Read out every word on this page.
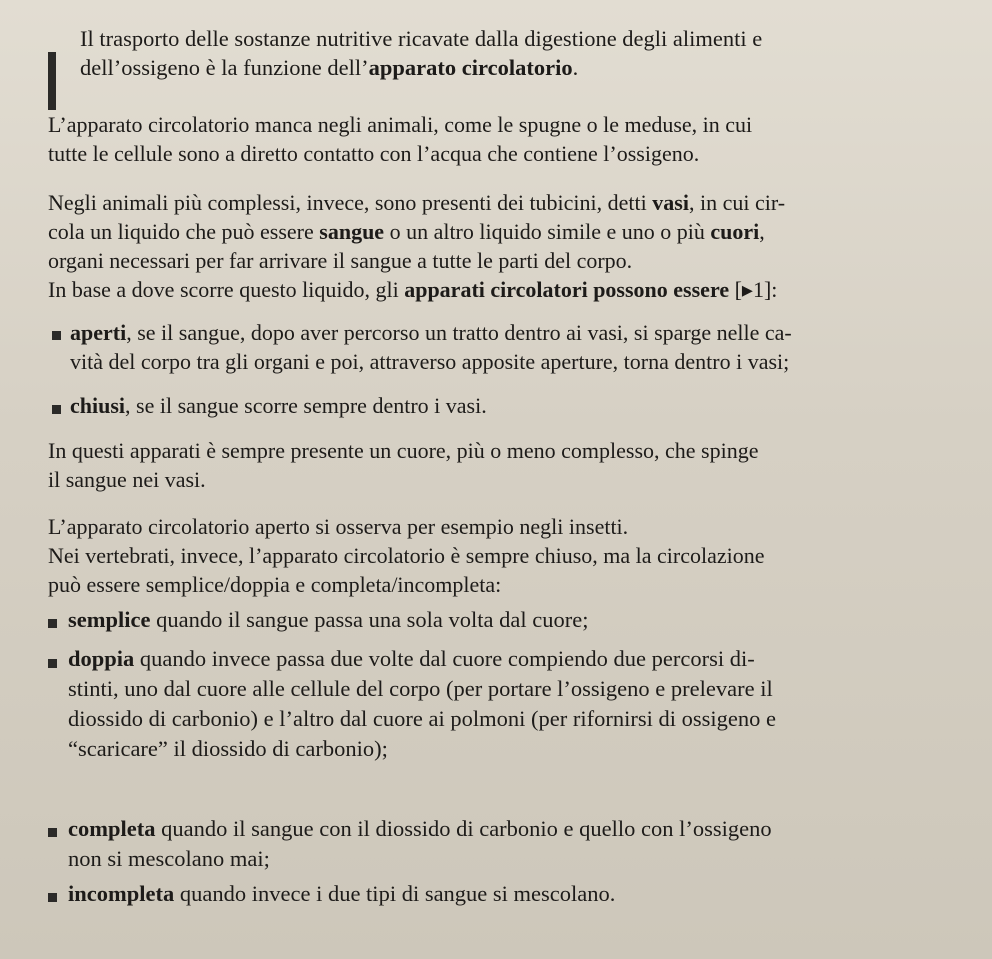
Il trasporto delle sostanze nutritive ricavate dalla digestione degli alimenti e
dell’ossigeno è la funzione dell’apparato circolatorio.

L’apparato circolatorio manca negli animali, come le spugne o le meduse, in cui
tutte le cellule sono a diretto contatto con l’acqua che contiene l’ossigeno.

Negli animali più complessi, invece, sono presenti dei tubicini, detti vasi, in cui cir-
cola un liquido che può essere sangue o un altro liquido simile e uno o più cuori,
organi necessari per far arrivare il sangue a tutte le parti del corpo.
In base a dove scorre questo liquido, gli apparati circolatori possono essere [▸1]:

aperti, se il sangue, dopo aver percorso un tratto dentro ai vasi, si sparge nelle ca-
vità del corpo tra gli organi e poi, attraverso apposite aperture, torna dentro i vasi;

chiusi, se il sangue scorre sempre dentro i vasi.

In questi apparati è sempre presente un cuore, più o meno complesso, che spinge
il sangue nei vasi.

L’apparato circolatorio aperto si osserva per esempio negli insetti.
Nei vertebrati, invece, l’apparato circolatorio è sempre chiuso, ma la circolazione
può essere semplice/doppia e completa/incompleta:

semplice quando il sangue passa una sola volta dal cuore;

doppia quando invece passa due volte dal cuore compiendo due percorsi di-
stinti, uno dal cuore alle cellule del corpo (per portare l’ossigeno e prelevare il
diossido di carbonio) e l’altro dal cuore ai polmoni (per rifornirsi di ossigeno e
“scaricare” il diossido di carbonio);

completa quando il sangue con il diossido di carbonio e quello con l’ossigeno
non si mescolano mai;

incompleta quando invece i due tipi di sangue si mescolano.
